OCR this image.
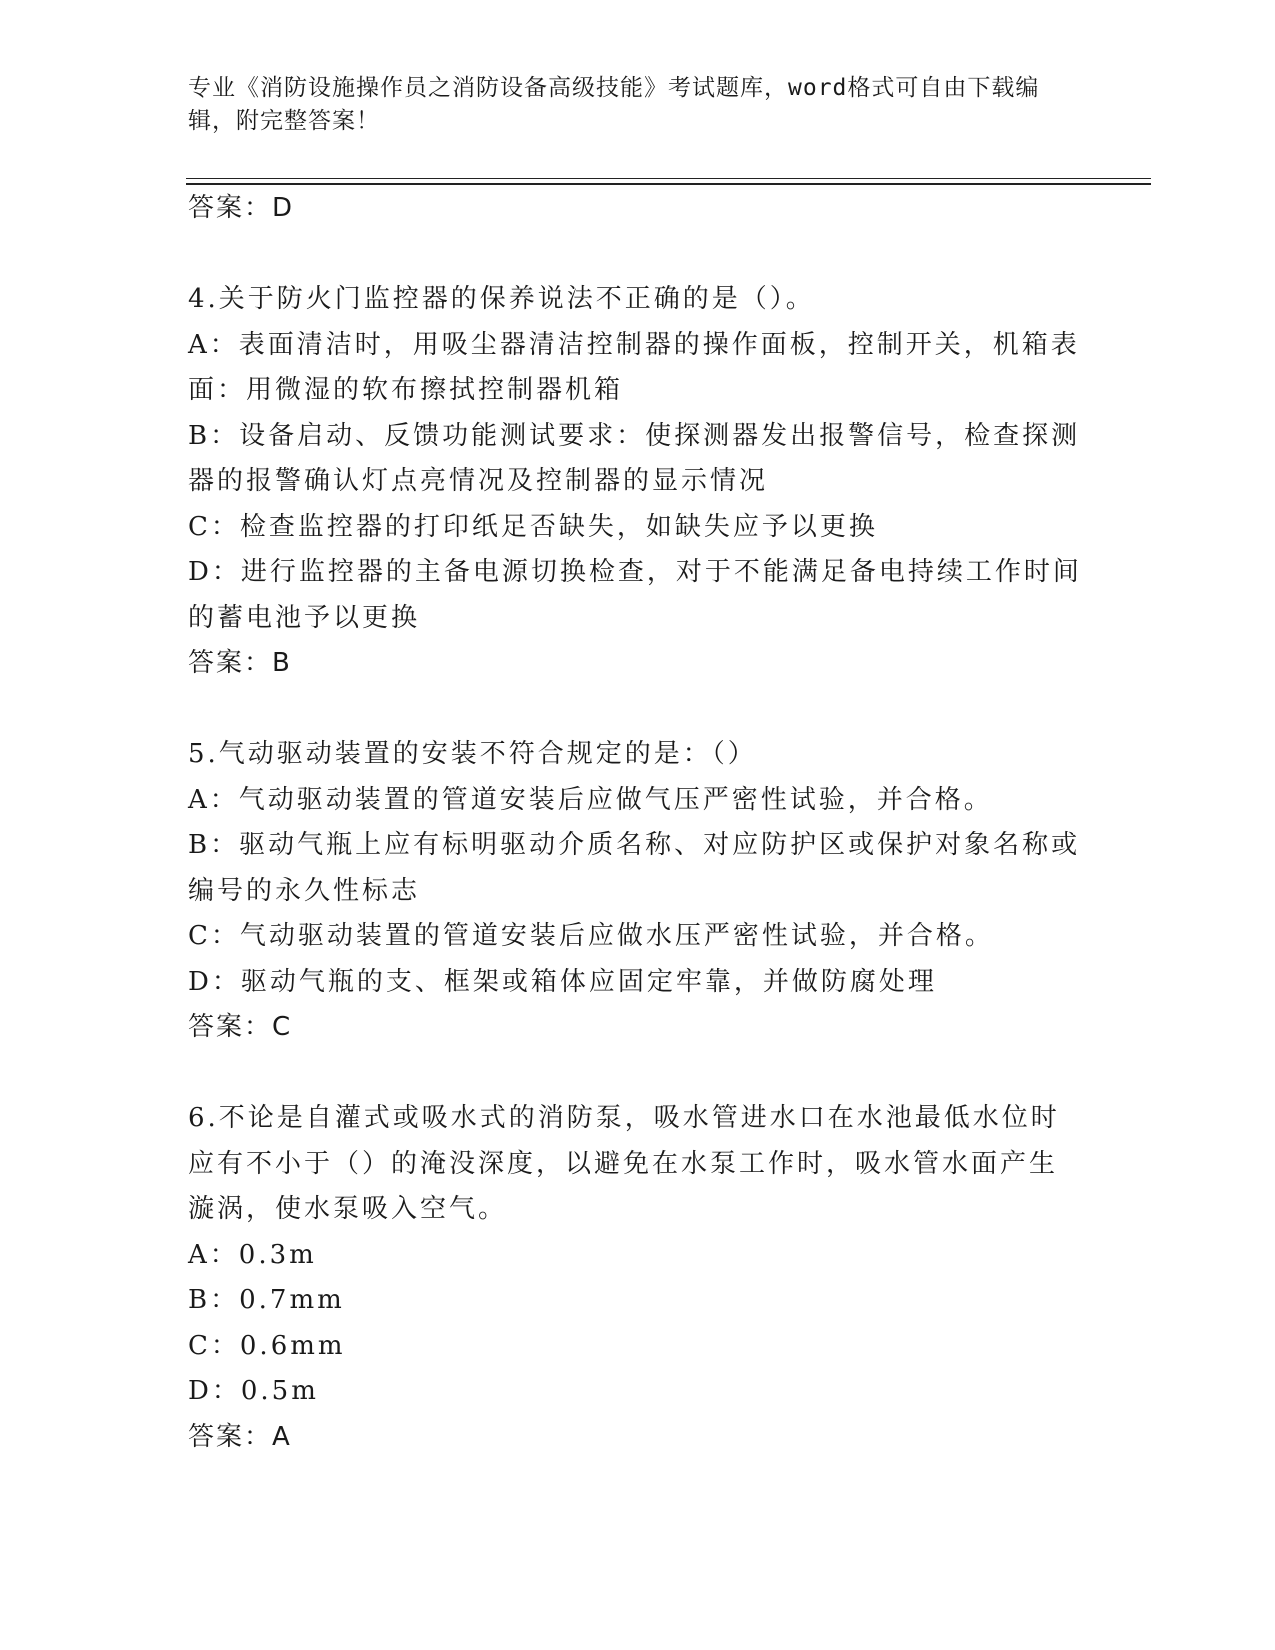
专业《消防设施操作员之消防设备高级技能》考试题库，word格式可自由下载编
辑，附完整答案！
答案：D
4.关于防火门监控器的保养说法不正确的是（）。
A：表面清洁时，用吸尘器清洁控制器的操作面板，控制开关，机箱表
面：用微湿的软布擦拭控制器机箱
B：设备启动、反馈功能测试要求：使探测器发出报警信号，检查探测
器的报警确认灯点亮情况及控制器的显示情况
C：检查监控器的打印纸足否缺失，如缺失应予以更换
D：进行监控器的主备电源切换检查，对于不能满足备电持续工作时间
的蓄电池予以更换
答案：B
5.气动驱动装置的安装不符合规定的是：（）
A：气动驱动装置的管道安装后应做气压严密性试验，并合格。
B：驱动气瓶上应有标明驱动介质名称、对应防护区或保护对象名称或
编号的永久性标志
C：气动驱动装置的管道安装后应做水压严密性试验，并合格。
D：驱动气瓶的支、框架或箱体应固定牢靠，并做防腐处理
答案：C
6.不论是自灌式或吸水式的消防泵，吸水管进水口在水池最低水位时
应有不小于（）的淹没深度，以避免在水泵工作时，吸水管水面产生
漩涡，使水泵吸入空气。
A：0.3m
B：0.7mm
C：0.6mm
D：0.5m
答案：A
